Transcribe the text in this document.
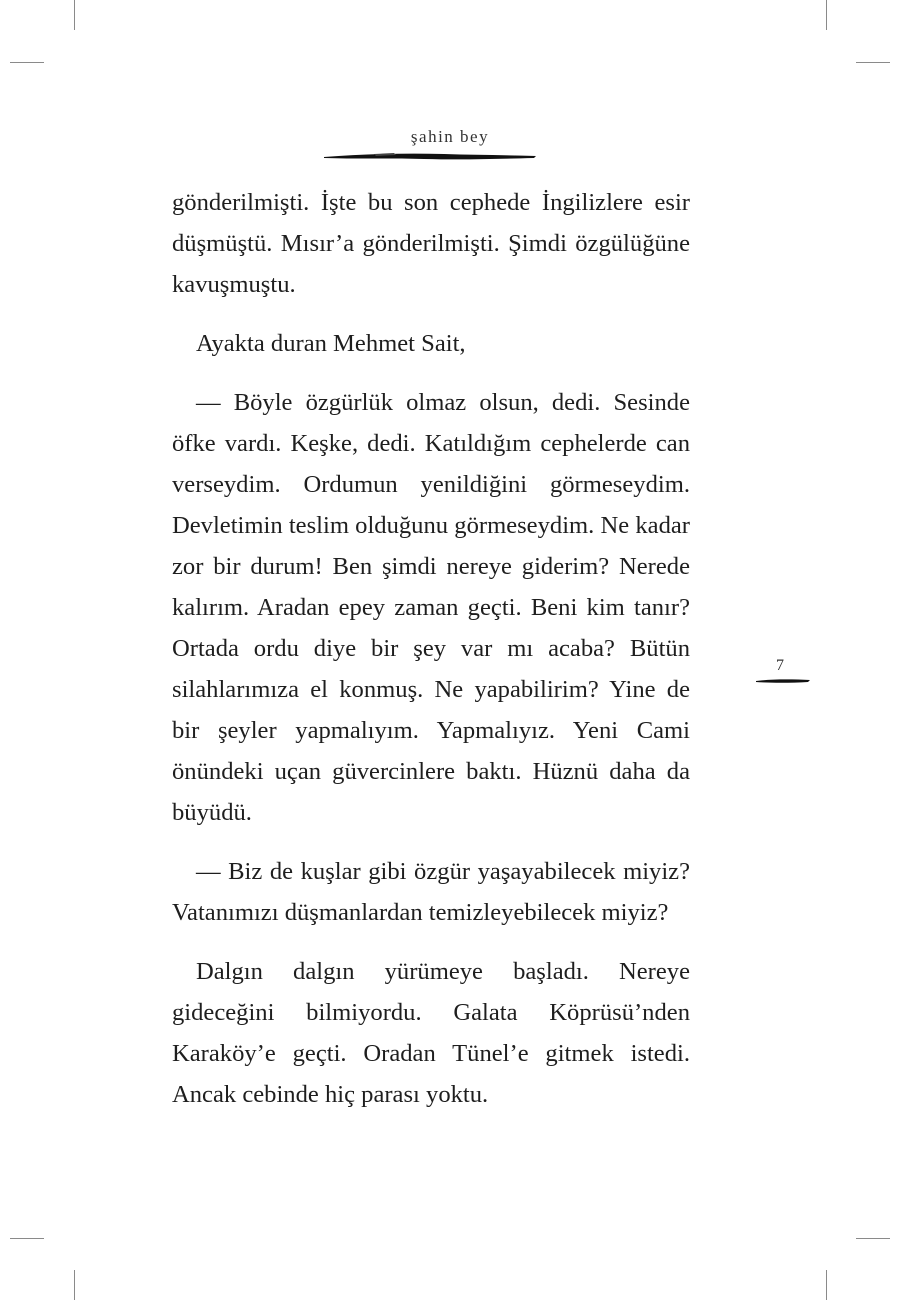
şahin bey

gönderilmişti. İşte bu son cephede İngilizlere esir düşmüştü. Mısır’a gönderilmişti. Şimdi özgülüğüne kavuşmuştu.

Ayakta duran Mehmet Sait,

— Böyle özgürlük olmaz olsun, dedi. Sesinde öfke vardı. Keşke, dedi. Katıldığım cephelerde can verseydim. Ordumun yenildiğini görmeseydim. Devletimin teslim olduğunu görmeseydim. Ne kadar zor bir durum! Ben şimdi nereye giderim? Nerede kalırım. Aradan epey zaman geçti. Beni kim tanır? Ortada ordu diye bir şey var mı acaba? Bütün silahlarımıza el konmuş. Ne yapabilirim? Yine de bir şeyler yapmalıyım. Yapmalıyız. Yeni Cami önündeki uçan güvercinlere baktı. Hüznü daha da büyüdü.

— Biz de kuşlar gibi özgür yaşayabilecek miyiz? Vatanımızı düşmanlardan temizleyebilecek miyiz?

Dalgın dalgın yürümeye başladı. Nereye gideceğini bilmiyordu. Galata Köprüsü’nden Karaköy’e geçti. Oradan Tünel’e gitmek istedi. Ancak cebinde hiç parası yoktu.

7
